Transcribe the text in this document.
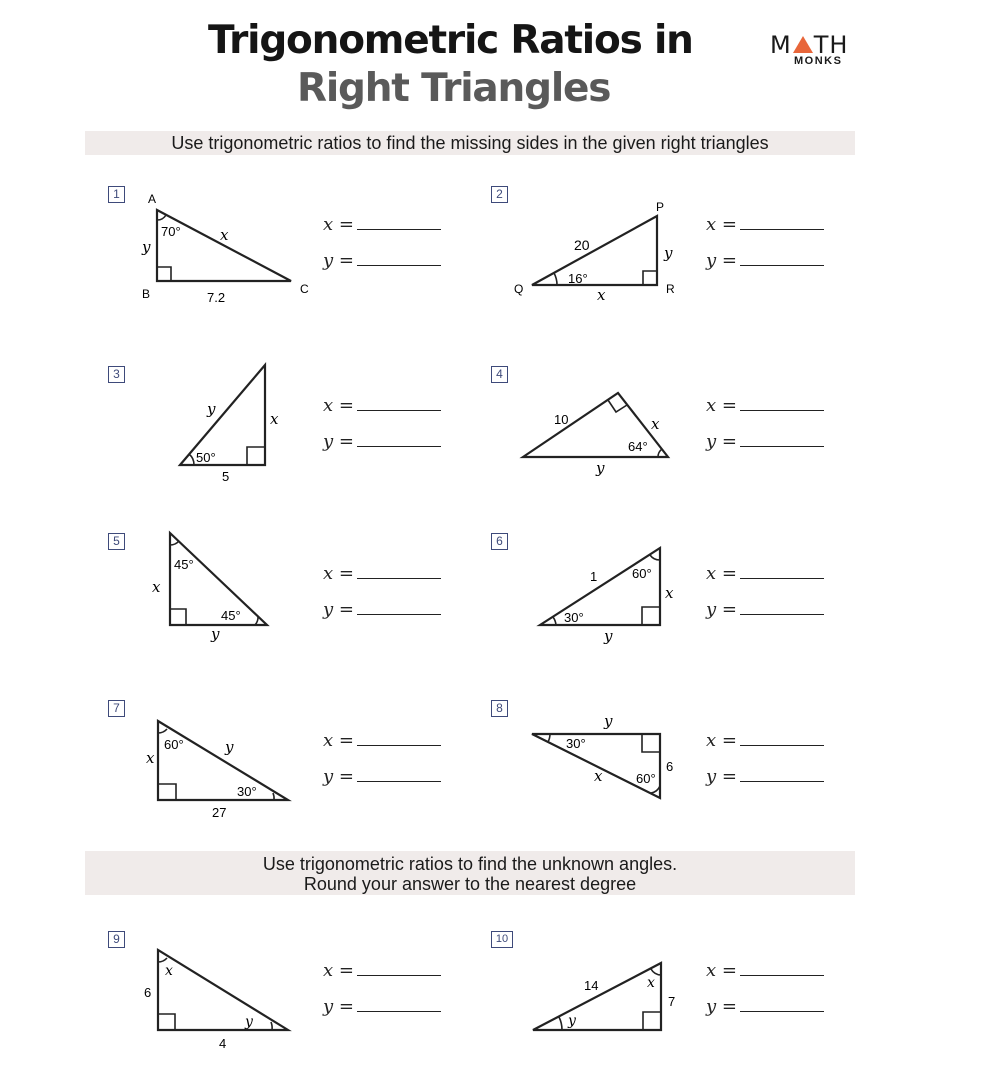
Trigonometric Ratios in
Right Triangles
M TH
MONKS
Use trigonometric ratios to find the missing sides in the given right triangles
1	A
B	C
70°	x
y
7.2
x =
y =
2
P
Q	R
16°
20	y
x
x =
y =
3
50°
y
x
5
x =
y =
4
64°
10	x
y
x =
y =
5
45°
45°
x
y
x =
y =
6
60°
30°
1
x
y
x =
y =
7
60°
30°
y
x
27
x =
y =
8
30°
60°
x
y
6
x =
y =
Use trigonometric ratios to find the unknown angles.
Round your answer to the nearest degree
9
x
y
6
4
x =
y =
10
x
y
14
7
x =
y =
